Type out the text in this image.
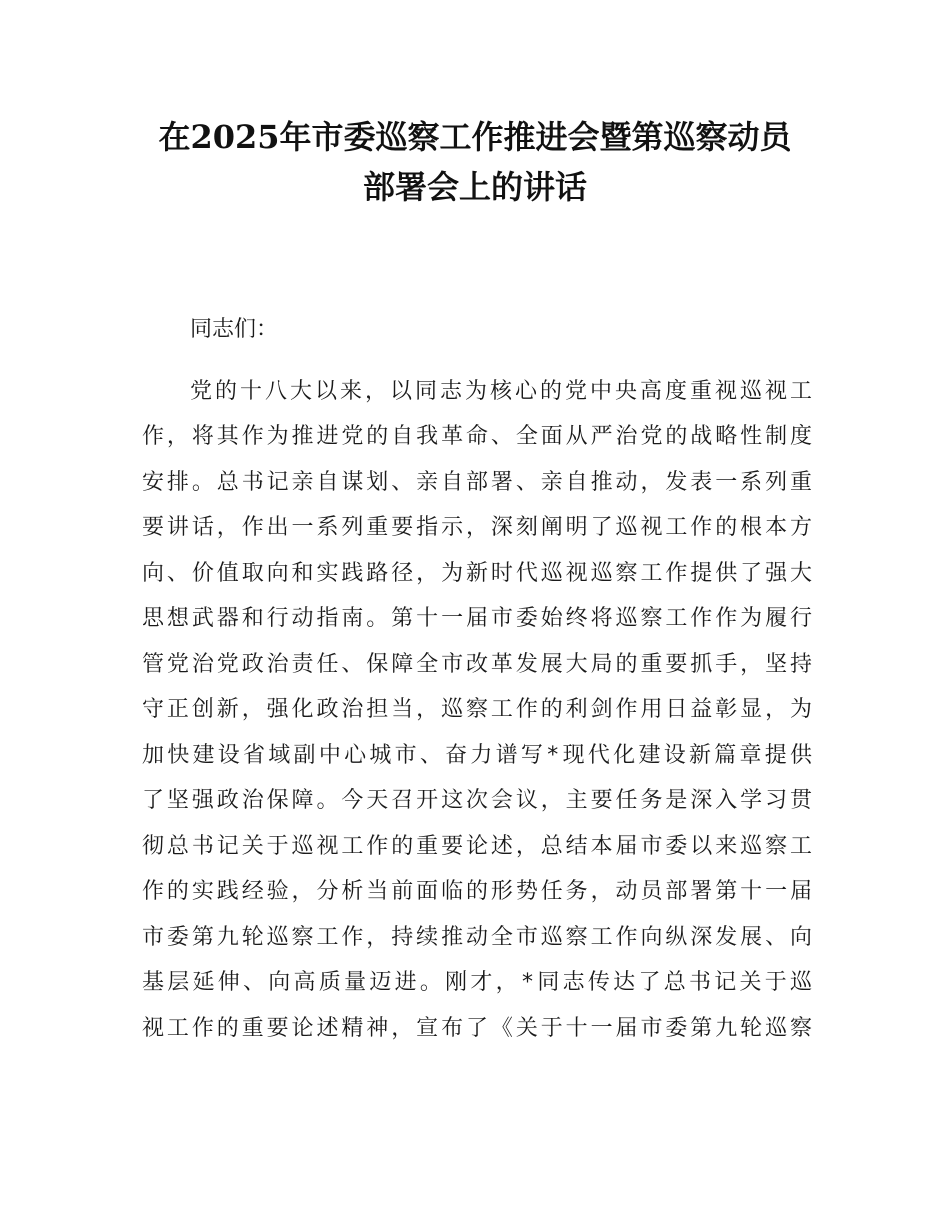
在2025年市委巡察工作推进会暨第巡察动员
部署会上的讲话
同志们：
党的十八大以来，以同志为核心的党中央高度重视巡视工
作，将其作为推进党的自我革命、全面从严治党的战略性制度
安排。总书记亲自谋划、亲自部署、亲自推动，发表一系列重
要讲话，作出一系列重要指示，深刻阐明了巡视工作的根本方
向、价值取向和实践路径，为新时代巡视巡察工作提供了强大
思想武器和行动指南。第十一届市委始终将巡察工作作为履行
管党治党政治责任、保障全市改革发展大局的重要抓手，坚持
守正创新，强化政治担当，巡察工作的利剑作用日益彰显，为
加快建设省域副中心城市、奋力谱写*现代化建设新篇章提供
了坚强政治保障。今天召开这次会议，主要任务是深入学习贯
彻总书记关于巡视工作的重要论述，总结本届市委以来巡察工
作的实践经验，分析当前面临的形势任务，动员部署第十一届
市委第九轮巡察工作，持续推动全市巡察工作向纵深发展、向
基层延伸、向高质量迈进。刚才，*同志传达了总书记关于巡
视工作的重要论述精神，宣布了《关于十一届市委第九轮巡察
